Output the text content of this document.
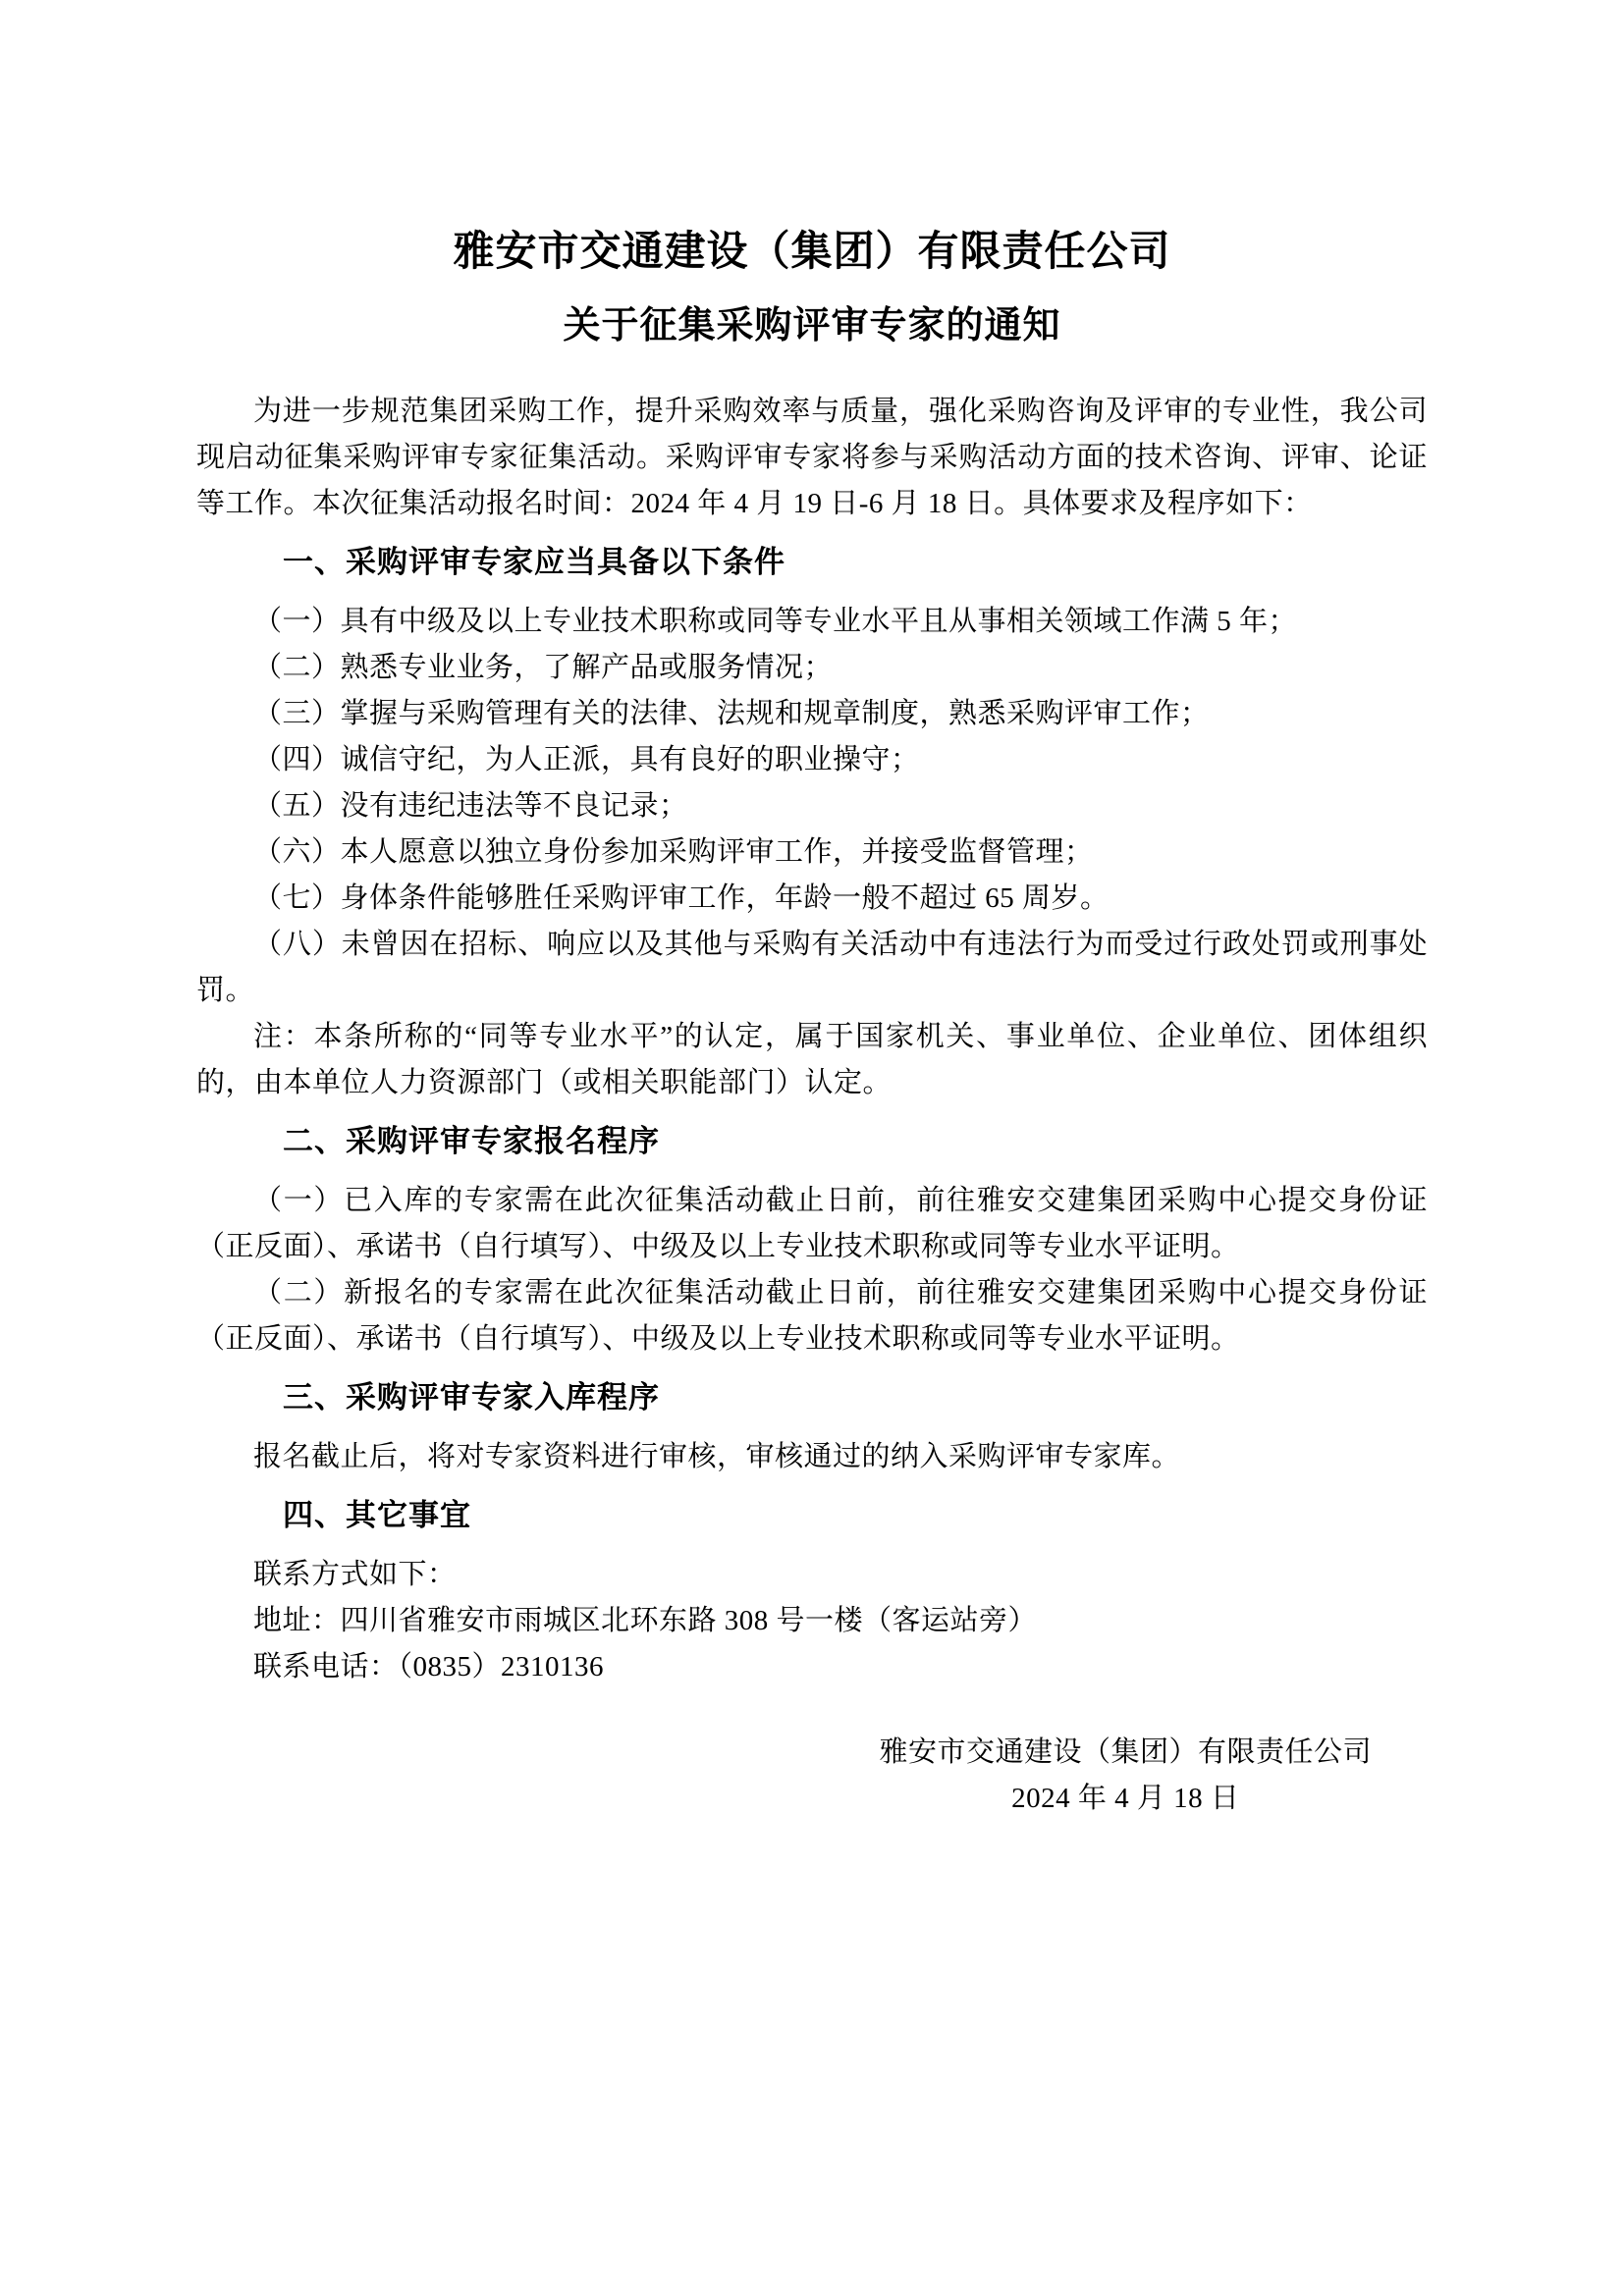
雅安市交通建设（集团）有限责任公司
关于征集采购评审专家的通知

为进一步规范集团采购工作，提升采购效率与质量，强化采购咨询及评审的专业性，我公司现启动征集采购评审专家征集活动。采购评审专家将参与采购活动方面的技术咨询、评审、论证等工作。本次征集活动报名时间：2024 年 4 月 19 日-6 月 18 日。具体要求及程序如下：

一、采购评审专家应当具备以下条件

（一）具有中级及以上专业技术职称或同等专业水平且从事相关领域工作满 5 年；

（二）熟悉专业业务，了解产品或服务情况；

（三）掌握与采购管理有关的法律、法规和规章制度，熟悉采购评审工作；

（四）诚信守纪，为人正派，具有良好的职业操守；

（五）没有违纪违法等不良记录；

（六）本人愿意以独立身份参加采购评审工作，并接受监督管理；

（七）身体条件能够胜任采购评审工作，年龄一般不超过 65 周岁。

（八）未曾因在招标、响应以及其他与采购有关活动中有违法行为而受过行政处罚或刑事处罚。

注：本条所称的“同等专业水平”的认定，属于国家机关、事业单位、企业单位、团体组织的，由本单位人力资源部门（或相关职能部门）认定。

二、采购评审专家报名程序

（一）已入库的专家需在此次征集活动截止日前，前往雅安交建集团采购中心提交身份证（正反面）、承诺书（自行填写）、中级及以上专业技术职称或同等专业水平证明。

（二）新报名的专家需在此次征集活动截止日前，前往雅安交建集团采购中心提交身份证（正反面）、承诺书（自行填写）、中级及以上专业技术职称或同等专业水平证明。

三、采购评审专家入库程序

报名截止后，将对专家资料进行审核，审核通过的纳入采购评审专家库。

四、其它事宜

联系方式如下：

地址：四川省雅安市雨城区北环东路 308 号一楼（客运站旁）

联系电话：（0835）2310136

雅安市交通建设（集团）有限责任公司

2024 年 4 月 18 日
